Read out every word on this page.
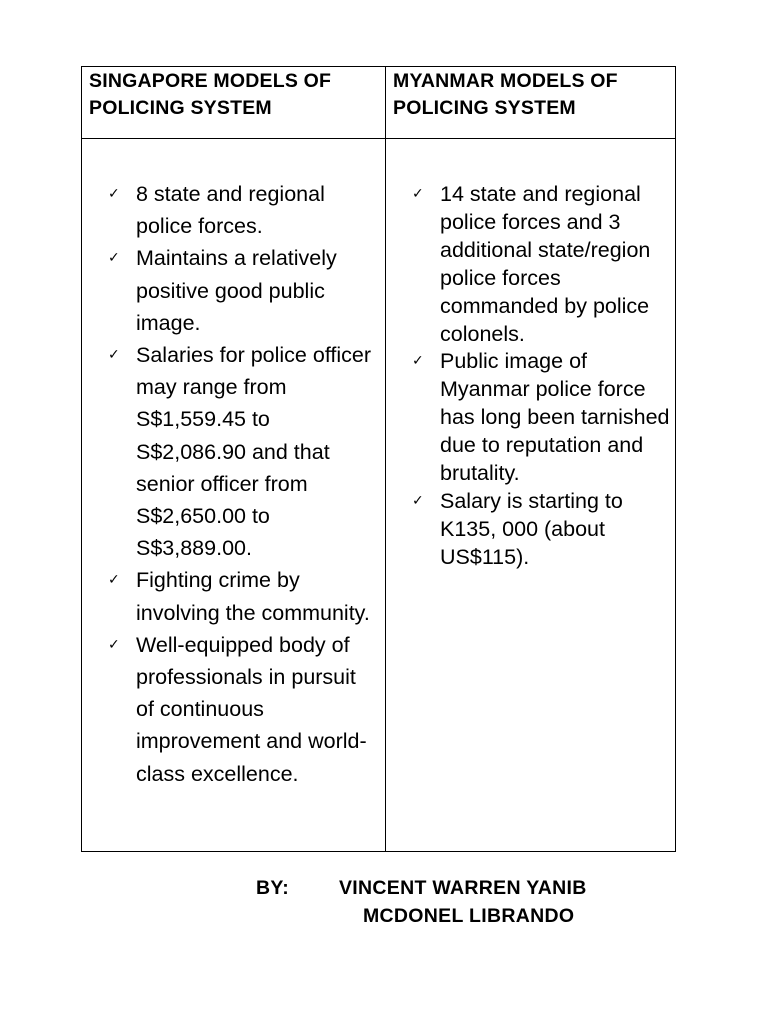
SINGAPORE MODELS OF POLICING SYSTEM
MYANMAR MODELS OF POLICING SYSTEM
✓ 8 state and regional police forces.
✓ Maintains a relatively positive good public image.
✓ Salaries for police officer may range from S$1,559.45 to S$2,086.90 and that senior officer from S$2,650.00 to S$3,889.00.
✓ Fighting crime by involving the community.
✓ Well-equipped body of professionals in pursuit of continuous improvement and world-class excellence.
✓ 14 state and regional police forces and 3 additional state/region police forces commanded by police colonels.
✓ Public image of Myanmar police force has long been tarnished due to reputation and brutality.
✓ Salary is starting to K135, 000 (about US$115).
BY:	VINCENT WARREN YANIB
MCDONEL LIBRANDO
